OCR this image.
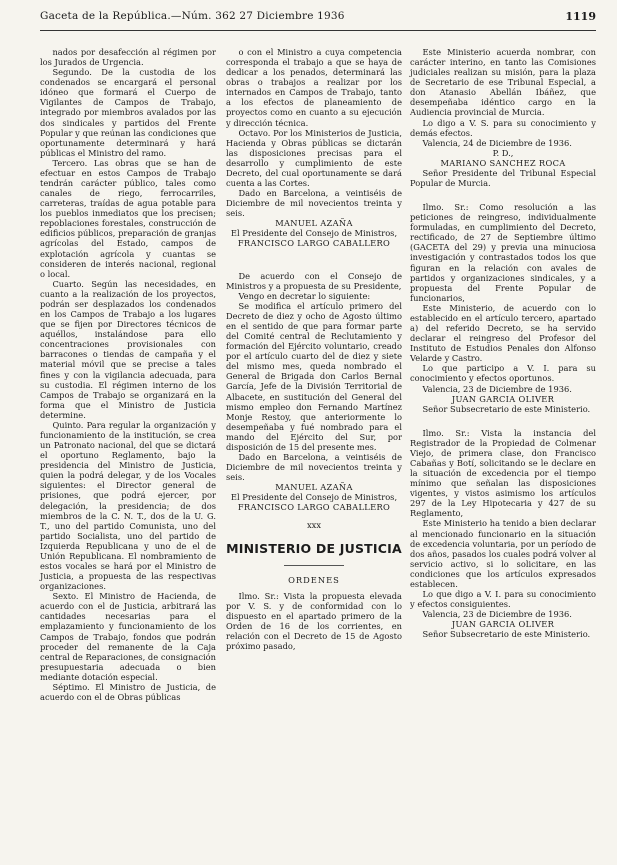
Gaceta de la República.—Núm. 362 27 Diciembre 1936	1119

nados por desafección al régimen por los Jurados de Urgencia.

Segundo. De la custodia de los condenados se encargará el personal idóneo que formará el Cuerpo de Vigilantes de Campos de Trabajo, integrado por miembros avalados por las dos sindicales y partidos del Frente Popular y que reúnan las condiciones que oportunamente determinará y hará públicas el Ministro del ramo.

Tercero. Las obras que se han de efectuar en estos Campos de Trabajo tendrán carácter público, tales como canales de riego, ferrocarriles, carreteras, traídas de agua potable para los pueblos inmediatos que los precisen; repoblaciones forestales, construcción de edificios públicos, preparación de granjas agrícolas del Estado, campos de explotación agrícola y cuantas se consideren de interés nacional, regional o local.

Cuarto. Según las necesidades, en cuanto a la realización de los proyectos, podrán ser desplazados los condenados en los Campos de Trabajo a los lugares que se fijen por Directores técnicos de aquéllos, instalándose para ello concentraciones provisionales con barracones o tiendas de campaña y el material móvil que se precise a tales fines y con la vigilancia adecuada, para su custodia. El régimen interno de los Campos de Trabajo se organizará en la forma que el Ministro de Justicia determine.

Quinto. Para regular la organización y funcionamiento de la institución, se crea un Patronato nacional, del que se dictará el oportuno Reglamento, bajo la presidencia del Ministro de Justicia, quien la podrá delegar, y de los Vocales siguientes: el Director general de prisiones, que podrá ejercer, por delegación, la presidencia; de dos miembros de la C. N. T., dos de la U. G. T., uno del partido Comunista, uno del partido Socialista, uno del partido de Izquierda Republicana y uno de el de Unión Republicana. El nombramiento de estos vocales se hará por el Ministro de Justicia, a propuesta de las respectivas organizaciones.

Sexto. El Ministro de Hacienda, de acuerdo con el de Justicia, arbitrará las cantidades necesarias para el emplazamiento y funcionamiento de los Campos de Trabajo, fondos que podrán proceder del remanente de la Caja central de Reparaciones, de consignación presupuestaria adecuada o bien mediante dotación especial.

Séptimo. El Ministro de Justicia, de acuerdo con el de Obras públicas

o con el Ministro a cuya competencia corresponda el trabajo a que se haya de dedicar a los penados, determinará las obras o trabajos a realizar por los internados en Campos de Trabajo, tanto a los efectos de planeamiento de proyectos como en cuanto a su ejecución y dirección técnica.

Octavo. Por los Ministerios de Justicia, Hacienda y Obras públicas se dictarán las disposiciones precisas para el desarrollo y cumplimiento de este Decreto, del cual oportunamente se dará cuenta a las Cortes.

Dado en Barcelona, a veintiséis de Diciembre de mil novecientos treinta y seis.

MANUEL AZAÑA

El Presidente del Consejo de Ministros,

FRANCISCO LARGO CABALLERO

De acuerdo con el Consejo de Ministros y a propuesta de su Presidente,

Vengo en decretar lo siguiente:

Se modifica el artículo primero del Decreto de diez y ocho de Agosto último en el sentido de que para formar parte del Comité central de Reclutamiento y formación del Ejército voluntario, creado por el artículo cuarto del de diez y siete del mismo mes, queda nombrado el General de Brigada don Carlos Bernal García, Jefe de la División Territorial de Albacete, en sustitución del General del mismo empleo don Fernando Martínez Monje Restoy, que anteriormente lo desempeñaba y fué nombrado para el mando del Ejército del Sur, por disposición de 15 del presente mes.

Dado en Barcelona, a veintiséis de Diciembre de mil novecientos treinta y seis.

MANUEL AZAÑA

El Presidente del Consejo de Ministros,

FRANCISCO LARGO CABALLERO

xxx

MINISTERIO DE JUSTICIA

ORDENES

Ilmo. Sr.: Vista la propuesta elevada por V. S. y de conformidad con lo dispuesto en el apartado primero de la Orden de 16 de los corrientes, en relación con el Decreto de 15 de Agosto próximo pasado,

Este Ministerio acuerda nombrar, con carácter interino, en tanto las Comisiones judiciales realizan su misión, para la plaza de Secretario de ese Tribunal Especial, a don Atanasio Abellán Ibáñez, que desempeñaba idéntico cargo en la Audiencia provincial de Murcia.

Lo digo a V. S. para su conocimiento y demás efectos.

Valencia, 24 de Diciembre de 1936.

P. D.,

MARIANO SANCHEZ ROCA

Señor Presidente del Tribunal Especial Popular de Murcia.

Ilmo. Sr.: Como resolución a las peticiones de reingreso, individualmente formuladas, en cumplimiento del Decreto, rectificado, de 27 de Septiembre último (GACETA del 29) y previa una minuciosa investigación y contrastados todos los que figuran en la relación con avales de partidos y organizaciones sindicales, y a propuesta del Frente Popular de funcionarios,

Este Ministerio, de acuerdo con lo establecido en el artículo tercero, apartado a) del referido Decreto, se ha servido declarar el reingreso del Profesor del Instituto de Estudios Penales don Alfonso Velarde y Castro.

Lo que participo a V. I. para su conocimiento y efectos oportunos.

Valencia, 23 de Diciembre de 1936.

JUAN GARCIA OLIVER

Señor Subsecretario de este Ministerio.

Ilmo. Sr.: Vista la instancia del Registrador de la Propiedad de Colmenar Viejo, de primera clase, don Francisco Cabañas y Botí, solicitando se le declare en la situación de excedencia por el tiempo mínimo que señalan las disposiciones vigentes, y vistos asimismo los artículos 297 de la Ley Hipotecaria y 427 de su Reglamento,

Este Ministerio ha tenido a bien declarar al mencionado funcionario en la situación de excedencia voluntaria, por un período de dos años, pasados los cuales podrá volver al servicio activo, si lo solicitare, en las condiciones que los artículos expresados establecen.

Lo que digo a V. I. para su conocimiento y efectos consiguientes.

Valencia, 23 de Diciembre de 1936.

JUAN GARCIA OLIVER

Señor Subsecretario de este Ministerio.
